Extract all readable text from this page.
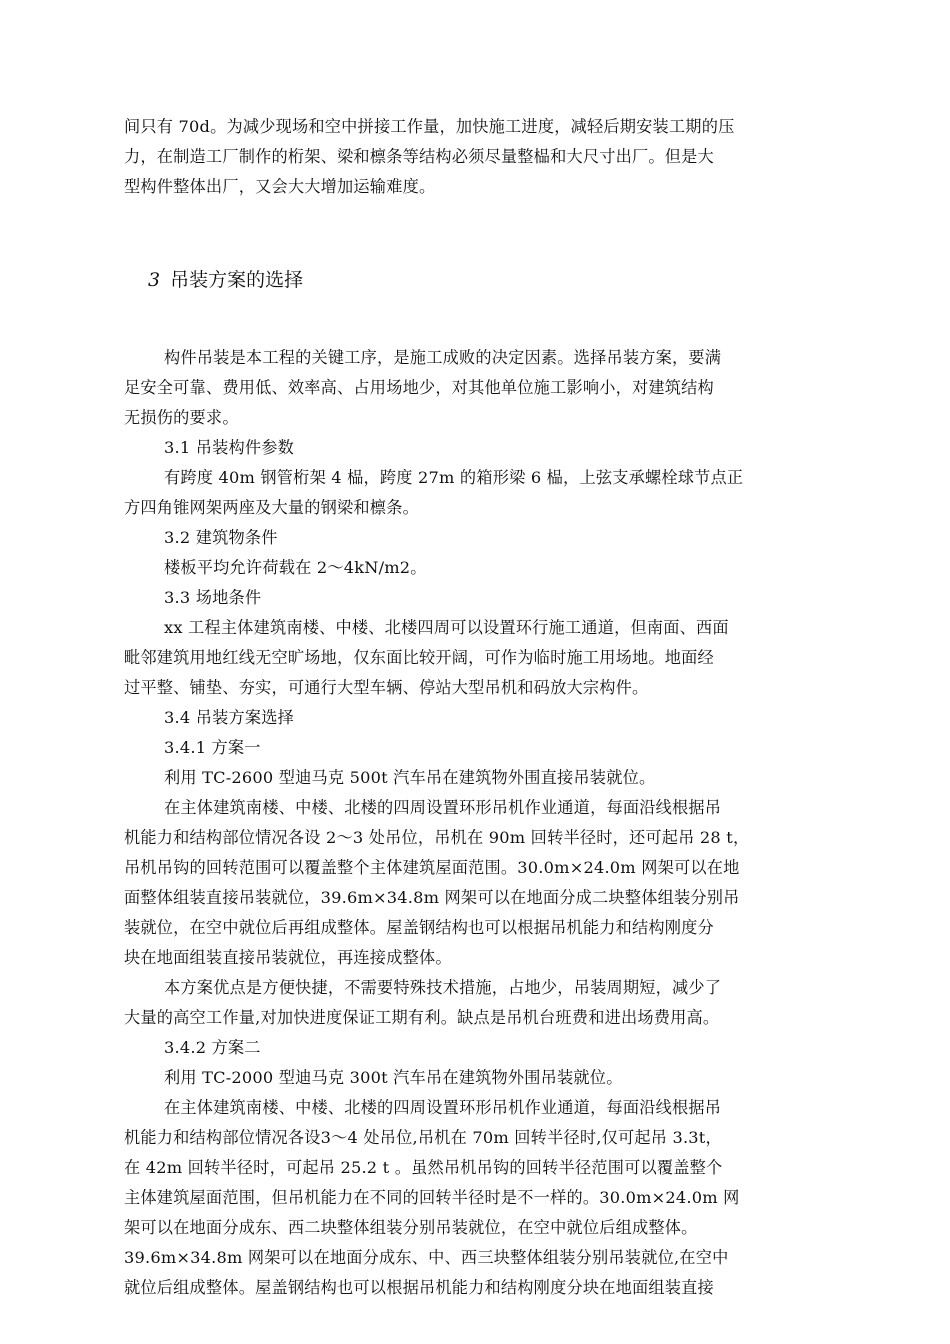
间只有 70d。为减少现场和空中拼接工作量，加快施工进度，减轻后期安装工期的压
力，在制造工厂制作的桁架、梁和檩条等结构必须尽量整榀和大尺寸出厂。但是大
型构件整体出厂，又会大大增加运输难度。
3 吊装方案的选择
构件吊装是本工程的关键工序，是施工成败的决定因素。选择吊装方案，要满
足安全可靠、费用低、效率高、占用场地少，对其他单位施工影响小，对建筑结构
无损伤的要求。
3.1 吊装构件参数
有跨度 40m 钢管桁架 4 榀，跨度 27m 的箱形梁 6 榀，上弦支承螺栓球节点正
方四角锥网架两座及大量的钢梁和檩条。
3.2 建筑物条件
楼板平均允许荷载在 2～4kN/m2。
3.3 场地条件
xx 工程主体建筑南楼、中楼、北楼四周可以设置环行施工通道，但南面、西面
毗邻建筑用地红线无空旷场地，仅东面比较开阔，可作为临时施工用场地。地面经
过平整、铺垫、夯实，可通行大型车辆、停站大型吊机和码放大宗构件。
3.4 吊装方案选择
3.4.1 方案一
利用 TC-2600 型迪马克 500t 汽车吊在建筑物外围直接吊装就位。
在主体建筑南楼、中楼、北楼的四周设置环形吊机作业通道，每面沿线根据吊
机能力和结构部位情况各设 2～3 处吊位，吊机在 90m 回转半径时，还可起吊 28 t，
吊机吊钩的回转范围可以覆盖整个主体建筑屋面范围。30.0m×24.0m 网架可以在地
面整体组装直接吊装就位，39.6m×34.8m 网架可以在地面分成二块整体组装分别吊
装就位，在空中就位后再组成整体。屋盖钢结构也可以根据吊机能力和结构刚度分
块在地面组装直接吊装就位，再连接成整体。
本方案优点是方便快捷，不需要特殊技术措施，占地少，吊装周期短，减少了
大量的高空工作量,对加快进度保证工期有利。缺点是吊机台班费和进出场费用高。
3.4.2 方案二
利用 TC-2000 型迪马克 300t 汽车吊在建筑物外围吊装就位。
在主体建筑南楼、中楼、北楼的四周设置环形吊机作业通道，每面沿线根据吊
机能力和结构部位情况各设3～4 处吊位,吊机在 70m 回转半径时,仅可起吊 3.3t，
在 42m 回转半径时，可起吊 25.2 t 。虽然吊机吊钩的回转半径范围可以覆盖整个
主体建筑屋面范围，但吊机能力在不同的回转半径时是不一样的。30.0m×24.0m 网
架可以在地面分成东、西二块整体组装分别吊装就位，在空中就位后组成整体。
39.6m×34.8m 网架可以在地面分成东、中、西三块整体组装分别吊装就位,在空中
就位后组成整体。屋盖钢结构也可以根据吊机能力和结构刚度分块在地面组装直接
